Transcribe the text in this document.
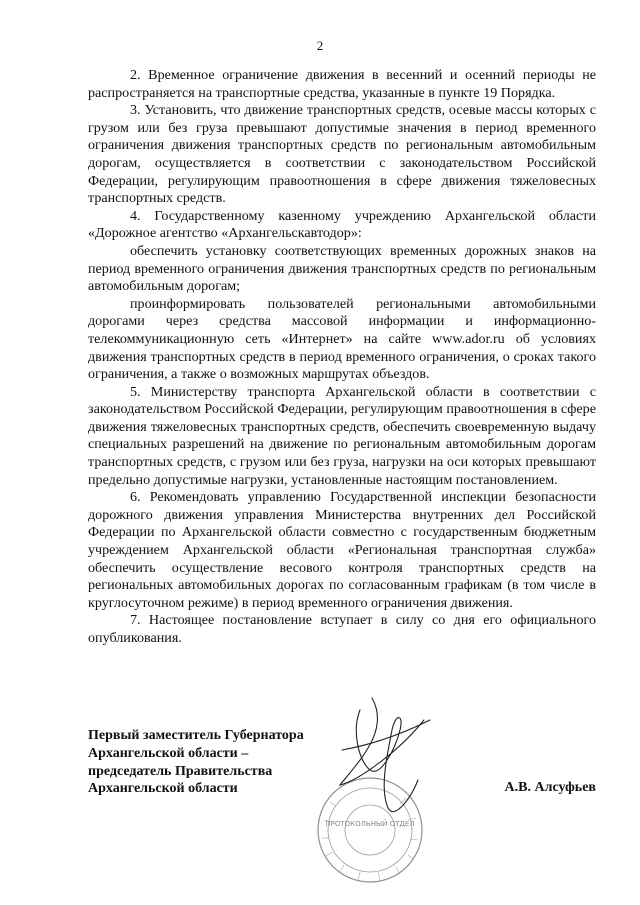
2

2. Временное ограничение движения в весенний и осенний периоды не распространяется на транспортные средства, указанные в пункте 19 Порядка.

3. Установить, что движение транспортных средств, осевые массы которых с грузом или без груза превышают допустимые значения в период временного ограничения движения транспортных средств по региональным автомобильным дорогам, осуществляется в соответствии с законодательством Российской Федерации, регулирующим правоотношения в сфере движения тяжеловесных транспортных средств.

4. Государственному казенному учреждению Архангельской области «Дорожное агентство «Архангельскавтодор»:

обеспечить установку соответствующих временных дорожных знаков на период временного ограничения движения транспортных средств по региональным автомобильным дорогам;

проинформировать пользователей региональными автомобильными дорогами через средства массовой информации и информационно-телекоммуникационную сеть «Интернет» на сайте www.ador.ru об условиях движения транспортных средств в период временного ограничения, о сроках такого ограничения, а также о возможных маршрутах объездов.

5. Министерству транспорта Архангельской области в соответствии с законодательством Российской Федерации, регулирующим правоотношения в сфере движения тяжеловесных транспортных средств, обеспечить своевременную выдачу специальных разрешений на движение по региональным автомобильным дорогам транспортных средств, с грузом или без груза, нагрузки на оси которых превышают предельно допустимые нагрузки, установленные настоящим постановлением.

6. Рекомендовать управлению Государственной инспекции безопасности дорожного движения управления Министерства внутренних дел Российской Федерации по Архангельской области совместно с государственным бюджетным учреждением Архангельской области «Региональная транспортная служба» обеспечить осуществление весового контроля транспортных средств на региональных автомобильных дорогах по согласованным графикам (в том числе в круглосуточном режиме) в период временного ограничения движения.

7. Настоящее постановление вступает в силу со дня его официального опубликования.

ПРОТОКОЛЬНЫЙ ОТДЕЛ
Первый заместитель Губернатора
Архангельской области –
председатель Правительства
Архангельской области	А.В. Алсуфьев
